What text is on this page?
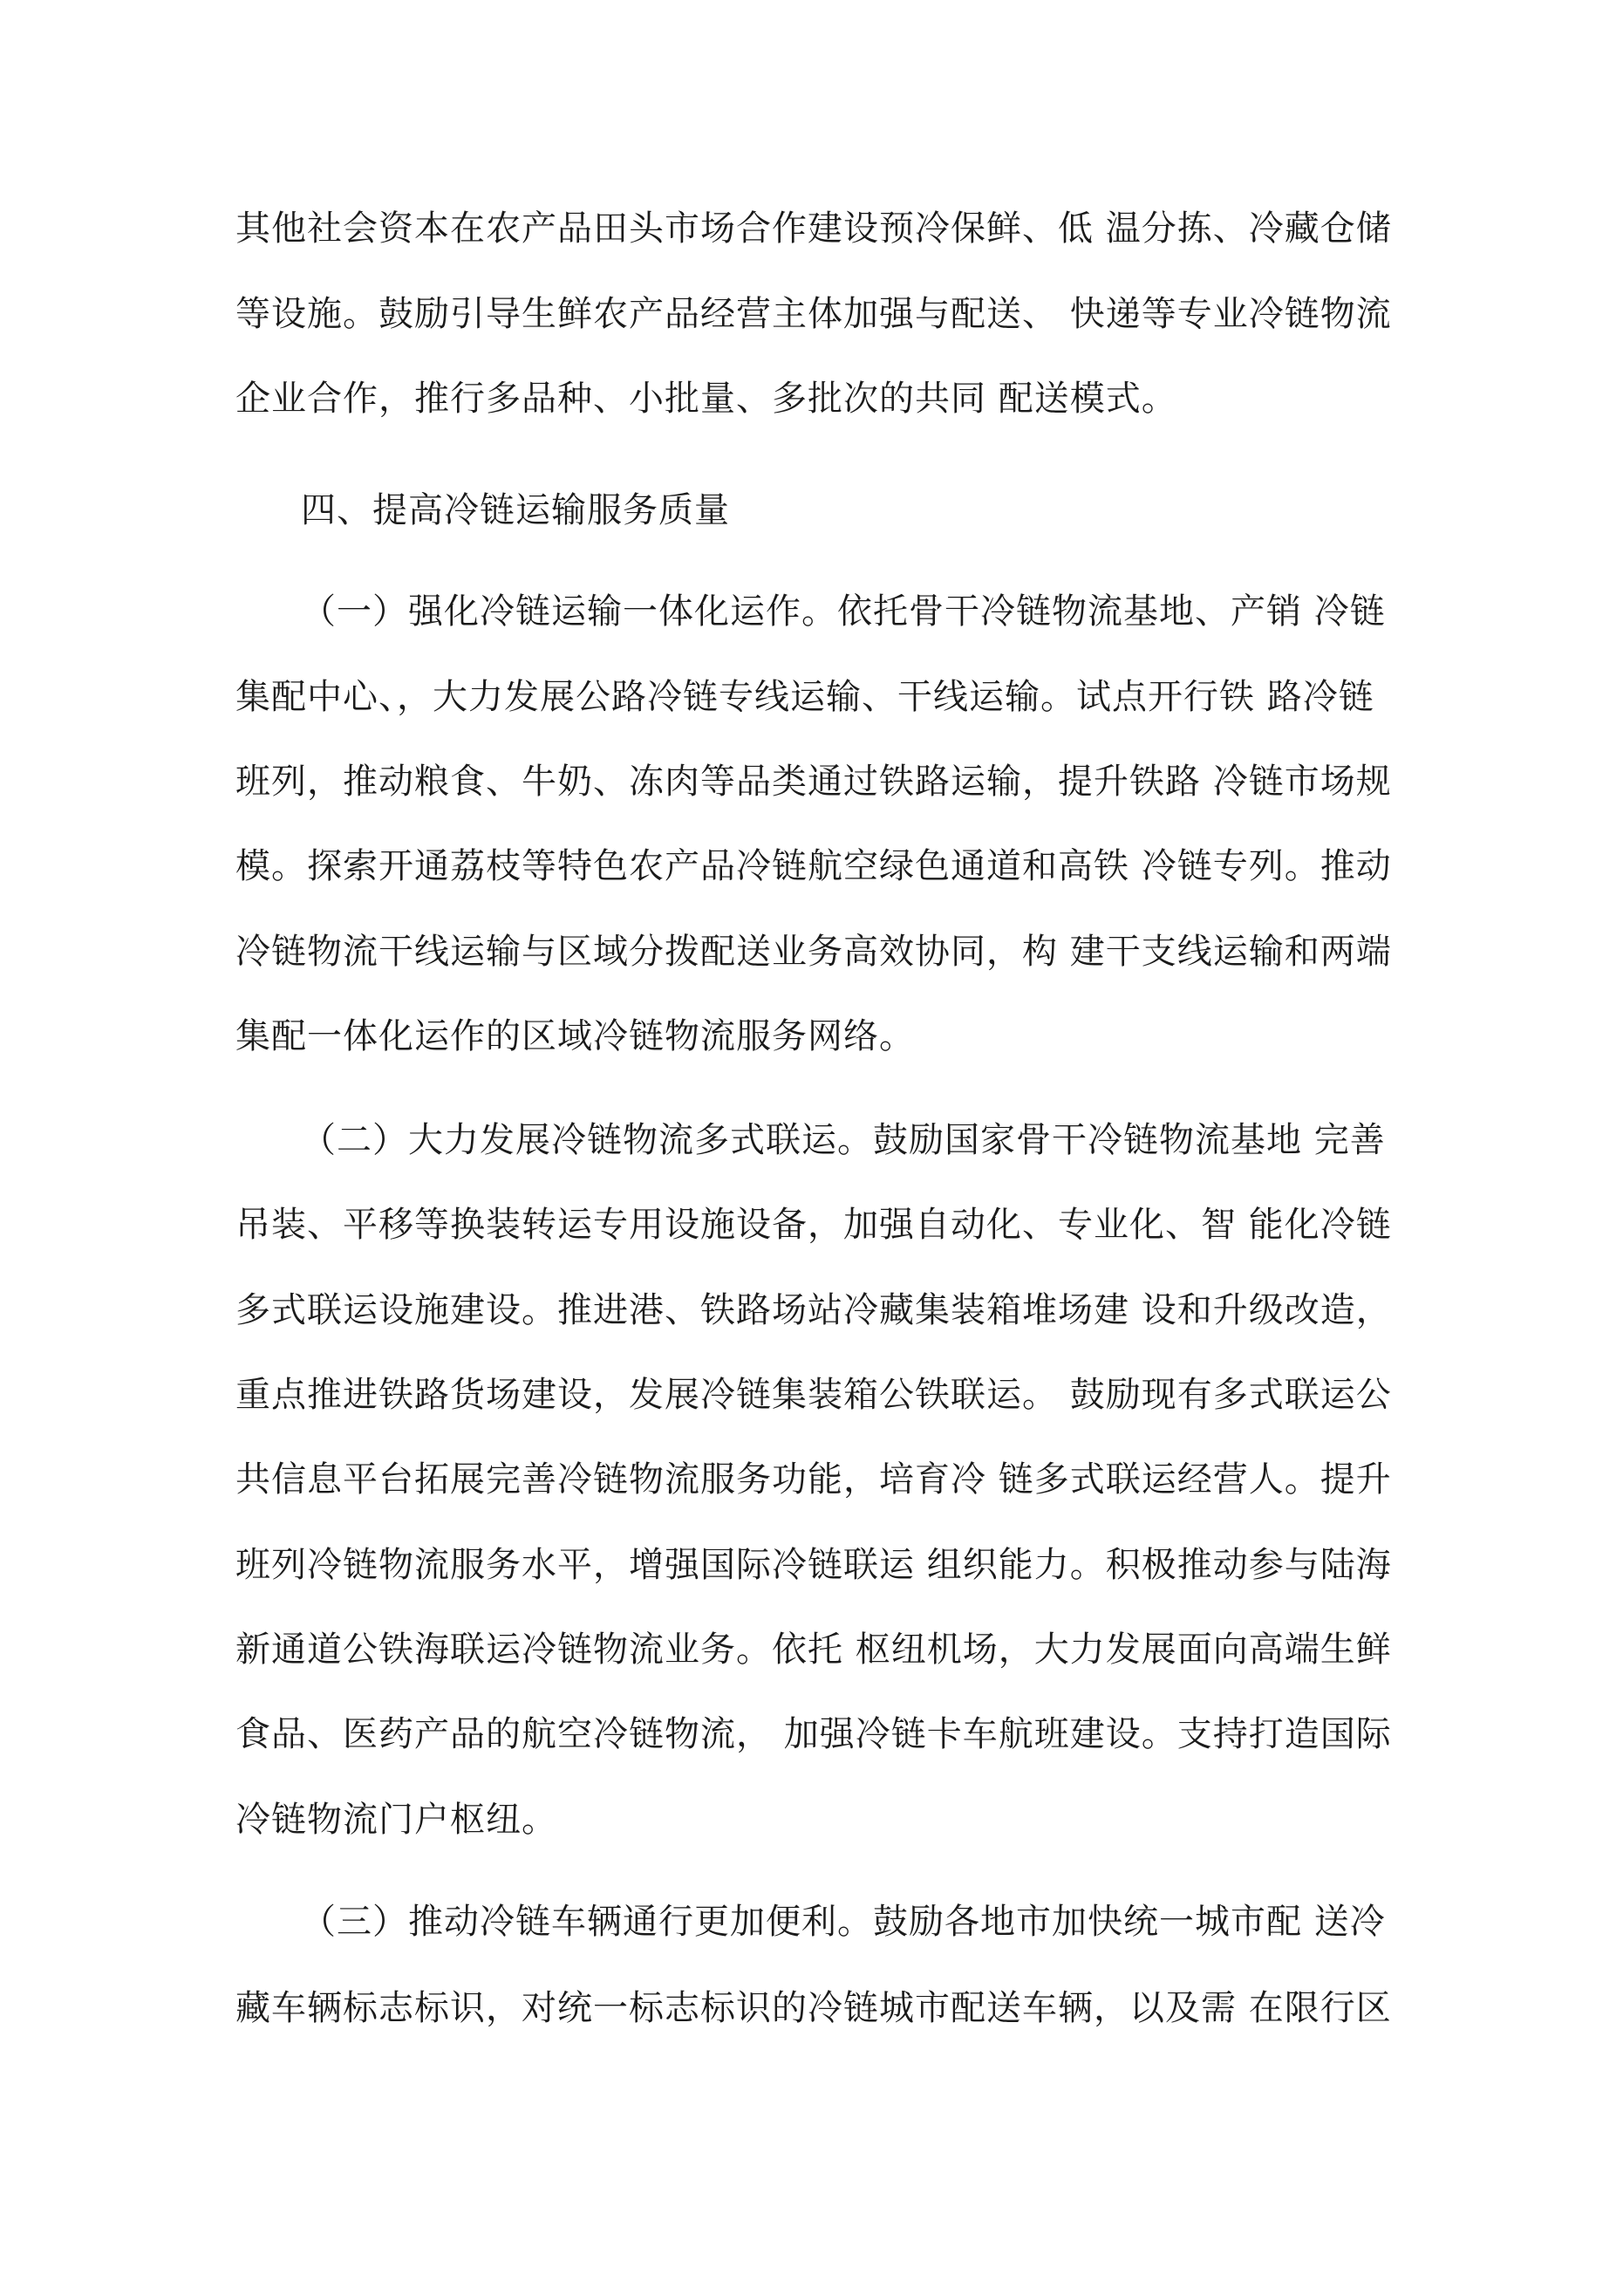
其他社会资本在农产品田头市场合作建设预冷保鲜、低 温分拣、冷藏仓储
等设施。鼓励引导生鲜农产品经营主体加强与配送、 快递等专业冷链物流
企业合作，推行多品种、小批量、多批次的共同 配送模式。
四、提高冷链运输服务质量
（一）强化冷链运输一体化运作。依托骨干冷链物流基地、产销 冷链
集配中心、，大力发展公路冷链专线运输、干线运输。试点开行铁 路冷链
班列，推动粮食、牛奶、冻肉等品类通过铁路运输，提升铁路 冷链市场规
模。探索开通荔枝等特色农产品冷链航空绿色通道和高铁 冷链专列。推动
冷链物流干线运输与区域分拨配送业务高效协同，构 建干支线运输和两端
集配一体化运作的区域冷链物流服务网络。
（二）大力发展冷链物流多式联运。鼓励国家骨干冷链物流基地 完善
吊装、平移等换装转运专用设施设备，加强自动化、专业化、智 能化冷链
多式联运设施建设。推进港、铁路场站冷藏集装箱堆场建 设和升级改造，
重点推进铁路货场建设，发展冷链集装箱公铁联运。 鼓励现有多式联运公
共信息平台拓展完善冷链物流服务功能，培育冷 链多式联运经营人。提升
班列冷链物流服务水平，增强国际冷链联运 组织能力。积极推动参与陆海
新通道公铁海联运冷链物流业务。依托 枢纽机场，大力发展面向高端生鲜
食品、医药产品的航空冷链物流， 加强冷链卡车航班建设。支持打造国际
冷链物流门户枢纽。
（三）推动冷链车辆通行更加便利。鼓励各地市加快统一城市配 送冷
藏车辆标志标识，对统一标志标识的冷链城市配送车辆，以及需 在限行区
